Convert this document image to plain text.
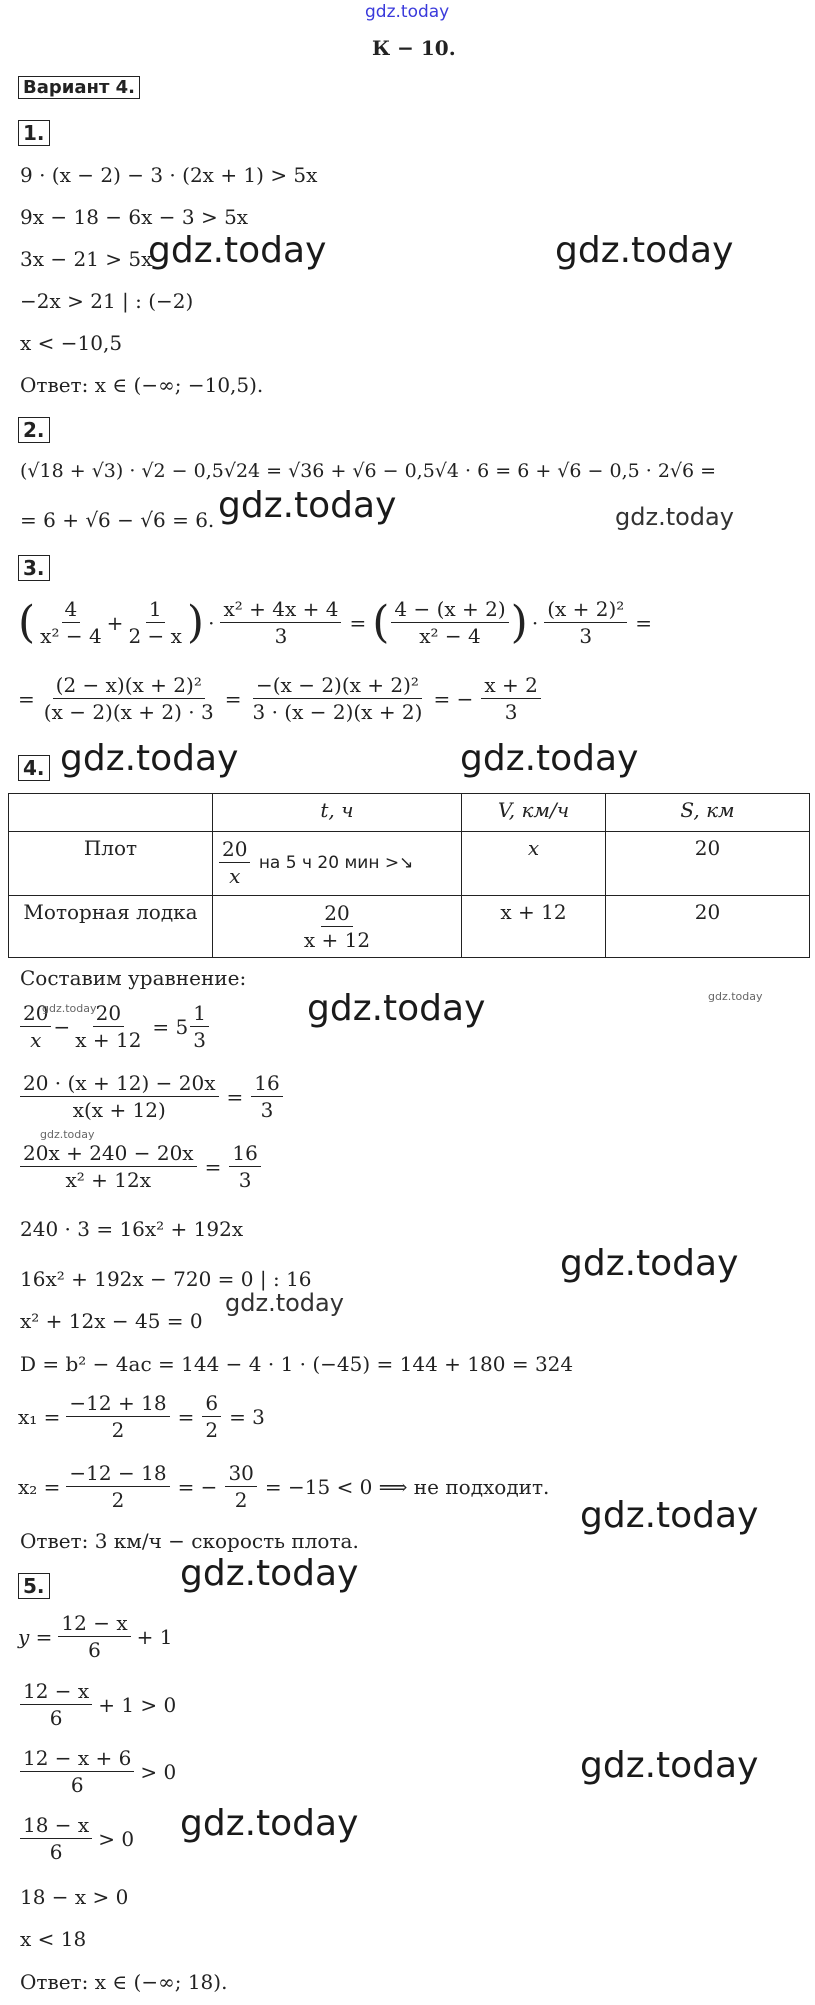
gdz.today
К − 10.
Вариант 4.
1.
9 · (x − 2) − 3 · (2x + 1) > 5x
9x − 18 − 6x − 3 > 5x
3x − 21 > 5x
−2x > 21 | : (−2)
x < −10,5
Ответ: x ∈ (−∞; −10,5).
2.
(√18 + √3) · √2 − 0,5√24 = √36 + √6 − 0,5√4 · 6 = 6 + √6 − 0,5 · 2√6 =
= 6 + √6 − √6 = 6.
3.
( $\frac{4}{\text{x² − 4}} + \frac{1}{2 - x}$ ) · $\frac{\text{x² + 4x + 4}}{3}$ = ( $\frac{4 - (x + 2)}{\text{x² − 4}}$ ) · $\frac{\text{(x + 2)²}}{3}$ =
= $\frac{\text{(2 − x)(x + 2)²}}{(x - 2)(x + 2) \cdot 3} = \frac{\text{−(x − 2)(x + 2)²}}{3 \cdot (x - 2)(x + 2)}$ = − $\frac{x + 2}{3}$
4.
	t, ч	V, км/ч	S, км
Плот	$\frac{20}{x}$ на 5 ч 20 мин >↘	x	20
Моторная лодка	$\frac{20}{x + 12}$	x + 12	20
Составим уравнение:
$\frac{20}{x} - \frac{20}{x + 12} = 5 \frac{1}{3}$
$\frac{20 \cdot (x + 12) - 20x}{x(x + 12)} = \frac{16}{3}$
$\frac{20x + 240 - 20x}{\text{x² + 12x}} = \frac{16}{3}$
240 · 3 = 16x² + 192x
16x² + 192x − 720 = 0 | : 16
x² + 12x − 45 = 0
D = b² − 4ac = 144 − 4 · 1 · (−45) = 144 + 180 = 324
$x_1 = \frac{-12 + 18}{2} = \frac{6}{2} = 3$
$x_2 = \frac{-12 - 18}{2}$ = − $\frac{30}{2} = -15 < 0$ ⟹ не подходит.
Ответ: 3 км/ч − скорость плота.
5.
$y = \frac{12 - x}{6} + 1$
$\frac{12 - x}{6} + 1 > 0$
$\frac{12 - x + 6}{6} > 0$
$\frac{18 - x}{6} > 0$
18 − x > 0
x < 18
Ответ: x ∈ (−∞; 18).
gdz.today	gdz.today
gdz.today	gdz.today
gdz.today	gdz.today
gdz.today	gdz.today
gdz.today
gdz.today
gdz.today
gdz.today
gdz.today
gdz.today
gdz.today
gdz.today
